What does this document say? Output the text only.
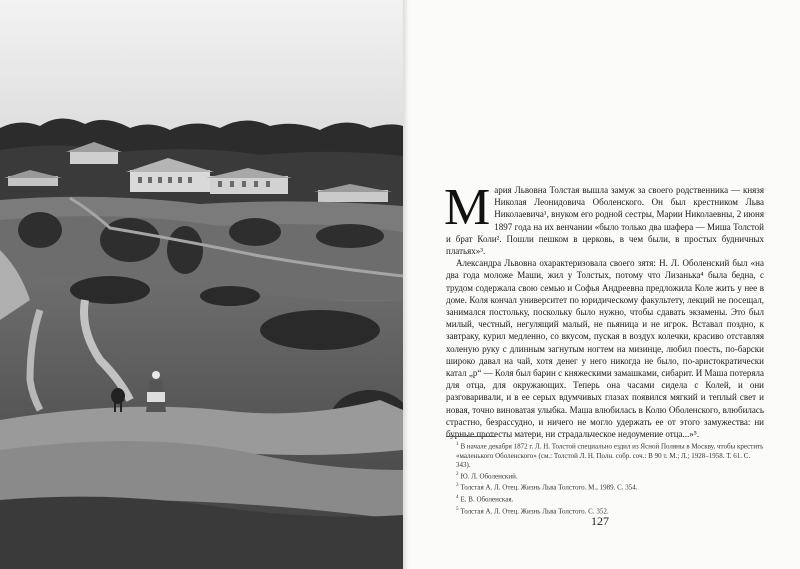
Мария Львовна Толстая вышла замуж за своего родственника — князя Николая Леонидовича Оболенского. Он был крестником Льва Николаевича¹, внуком его родной сестры, Марии Николаевны, 2 июня 1897 года на их венчании «было только два шафера — Миша Толстой и брат Коли². Пошли пешком в церковь, в чем были, в простых будничных платьях»³.

Александра Львовна охарактеризовала своего зятя: Н. Л. Оболенский был «на два года моложе Маши, жил у Толстых, потому что Лизанька⁴ была бедна, с трудом содержала свою семью и Софья Андреевна предложила Коле жить у нее в доме. Коля кончал университет по юридическому факультету, лекций не посещал, занимался постольку, поскольку было нужно, чтобы сдавать экзамены. Это был милый, честный, негулящий малый, не пьяница и не игрок. Вставал поздно, к завтраку, курил медленно, со вкусом, пуская в воздух колечки, красиво отставляя холеную руку с длинным загнутым ногтем на мизинце, любил поесть, по-барски широко давал на чай, хотя денег у него никогда не было, по-аристократически катал „р“ — Коля был барин с княжескими замашками, сибарит. И Маша потеряла для отца, для окружающих. Теперь она часами сидела с Колей, и они разговаривали, и в ее серых вдумчивых глазах появился мягкий и теплый свет и новая, точно виноватая улыбка. Маша влюбилась в Колю Оболенского, влюбилась страстно, безрассудно, и ничего не могло удержать ее от этого замужества: ни бурные протесты матери, ни страдальческое недоумение отца...»⁵.

$^1$ В начале декабря 1872 г. Л. Н. Толстой специально ездил из Ясной Поляны в Москву, чтобы крестить «маленького Оболенского» (см.: Толстой Л. Н. Полн. собр. соч.: В 90 т. М.; Л.; 1928–1958. Т. 61. С. 343).
$^2$ Ю. Л. Оболенский.
$^3$ Толстая А. Л. Отец. Жизнь Льва Толстого. М., 1989. С. 354.
$^4$ Е. В. Оболенская.
$^5$ Толстая А. Л. Отец. Жизнь Льва Толстого. С. 352.
127
